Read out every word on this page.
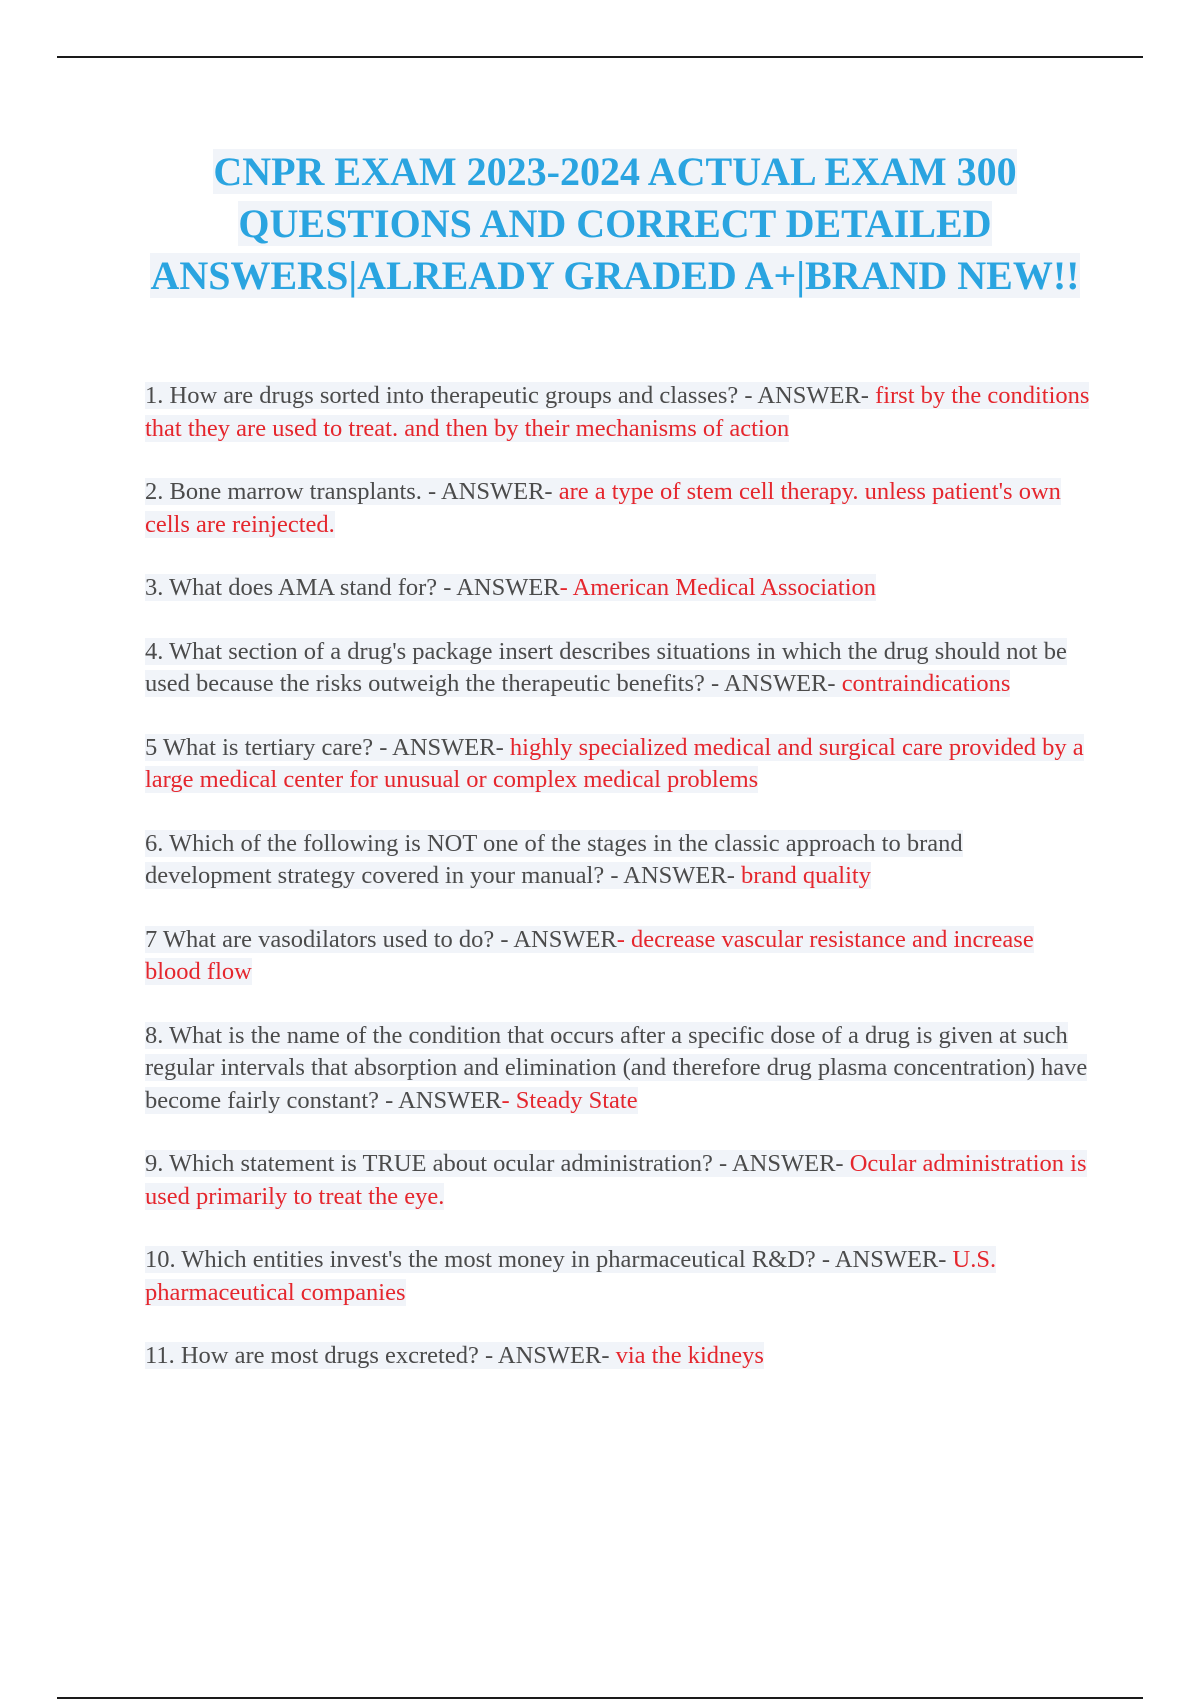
CNPR EXAM 2023-2024 ACTUAL EXAM 300 QUESTIONS AND CORRECT DETAILED ANSWERS|ALREADY GRADED A+|BRAND NEW!!
1. How are drugs sorted into therapeutic groups and classes? - ANSWER- first by the conditions that they are used to treat. and then by their mechanisms of action
2. Bone marrow transplants. - ANSWER- are a type of stem cell therapy. unless patient's own cells are reinjected.
3. What does AMA stand for? - ANSWER- American Medical Association
4. What section of a drug's package insert describes situations in which the drug should not be used because the risks outweigh the therapeutic benefits? - ANSWER- contraindications
5 What is tertiary care? - ANSWER- highly specialized medical and surgical care provided by a large medical center for unusual or complex medical problems
6. Which of the following is NOT one of the stages in the classic approach to brand development strategy covered in your manual? - ANSWER- brand quality
7 What are vasodilators used to do? - ANSWER- decrease vascular resistance and increase blood flow
8. What is the name of the condition that occurs after a specific dose of a drug is given at such regular intervals that absorption and elimination (and therefore drug plasma concentration) have become fairly constant? - ANSWER- Steady State
9. Which statement is TRUE about ocular administration? - ANSWER- Ocular administration is used primarily to treat the eye.
10. Which entities invest's the most money in pharmaceutical R&D? - ANSWER- U.S. pharmaceutical companies
11. How are most drugs excreted? - ANSWER- via the kidneys
